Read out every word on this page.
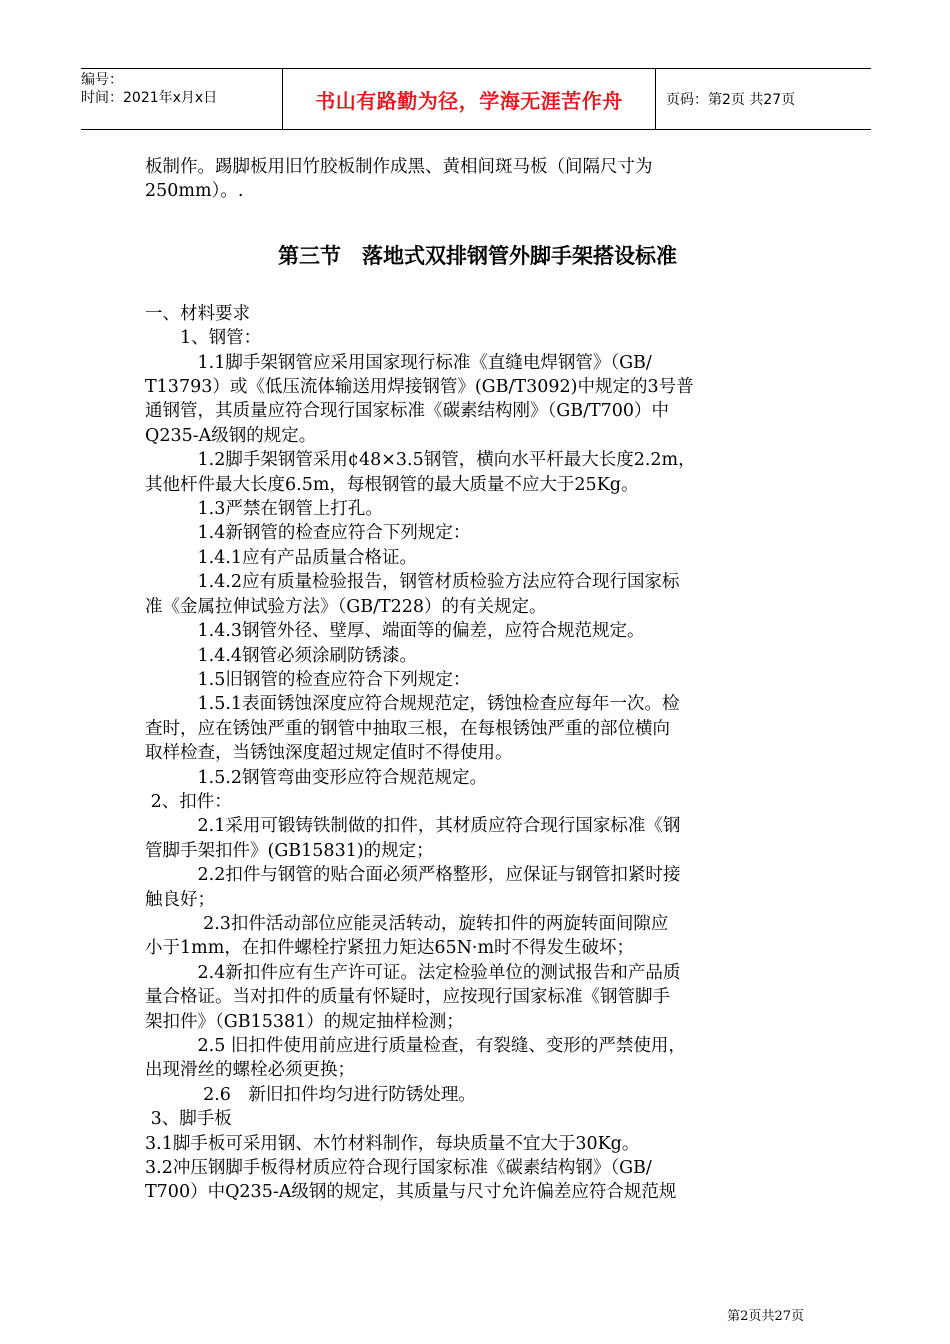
编号：
时间：2021年x月x日	书山有路勤为径，学海无涯苦作舟	页码：第2页 共27页

板制作。踢脚板用旧竹胶板制作成黑、黄相间斑马板（间隔尺寸为

250mm）。.

第三节　落地式双排钢管外脚手架搭设标准

一、材料要求

　　1、钢管：

　　　1.1脚手架钢管应采用国家现行标准《直缝电焊钢管》（GB/

T13793）或《低压流体输送用焊接钢管》(GB/T3092)中规定的3号普

通钢管，其质量应符合现行国家标准《碳素结构刚》（GB/T700）中

Q235-A级钢的规定。

　　　1.2脚手架钢管采用¢48×3.5钢管，横向水平杆最大长度2.2m，

其他杆件最大长度6.5m，每根钢管的最大质量不应大于25Kg。

　　　1.3严禁在钢管上打孔。

　　　1.4新钢管的检查应符合下列规定：

　　　1.4.1应有产品质量合格证。

　　　1.4.2应有质量检验报告，钢管材质检验方法应符合现行国家标

准《金属拉伸试验方法》（GB/T228）的有关规定。

　　　1.4.3钢管外径、壁厚、端面等的偏差，应符合规范规定。

　　　1.4.4钢管必须涂刷防锈漆。

　　　1.5旧钢管的检查应符合下列规定：

　　　1.5.1表面锈蚀深度应符合规规范定，锈蚀检查应每年一次。检

查时，应在锈蚀严重的钢管中抽取三根，在每根锈蚀严重的部位横向

取样检查，当锈蚀深度超过规定值时不得使用。

　　　1.5.2钢管弯曲变形应符合规范规定。

2、扣件：

　　　2.1采用可锻铸铁制做的扣件，其材质应符合现行国家标准《钢

管脚手架扣件》(GB15831)的规定；

　　　2.2扣件与钢管的贴合面必须严格整形，应保证与钢管扣紧时接

触良好；

　　　 2.3扣件活动部位应能灵活转动，旋转扣件的两旋转面间隙应

小于1mm，在扣件螺栓拧紧扭力矩达65N·m时不得发生破坏；

　　　2.4新扣件应有生产许可证。法定检验单位的测试报告和产品质

量合格证。当对扣件的质量有怀疑时，应按现行国家标准《钢管脚手

架扣件》（GB15381）的规定抽样检测；

　　　2.5 旧扣件使用前应进行质量检查，有裂缝、变形的严禁使用，

出现滑丝的螺栓必须更换；

　　　 2.6　新旧扣件均匀进行防锈处理。

3、脚手板

3.1脚手板可采用钢、木竹材料制作，每块质量不宜大于30Kg。

3.2冲压钢脚手板得材质应符合现行国家标准《碳素结构钢》（GB/

T700）中Q235-A级钢的规定，其质量与尺寸允许偏差应符合规范规

第2页共27页
